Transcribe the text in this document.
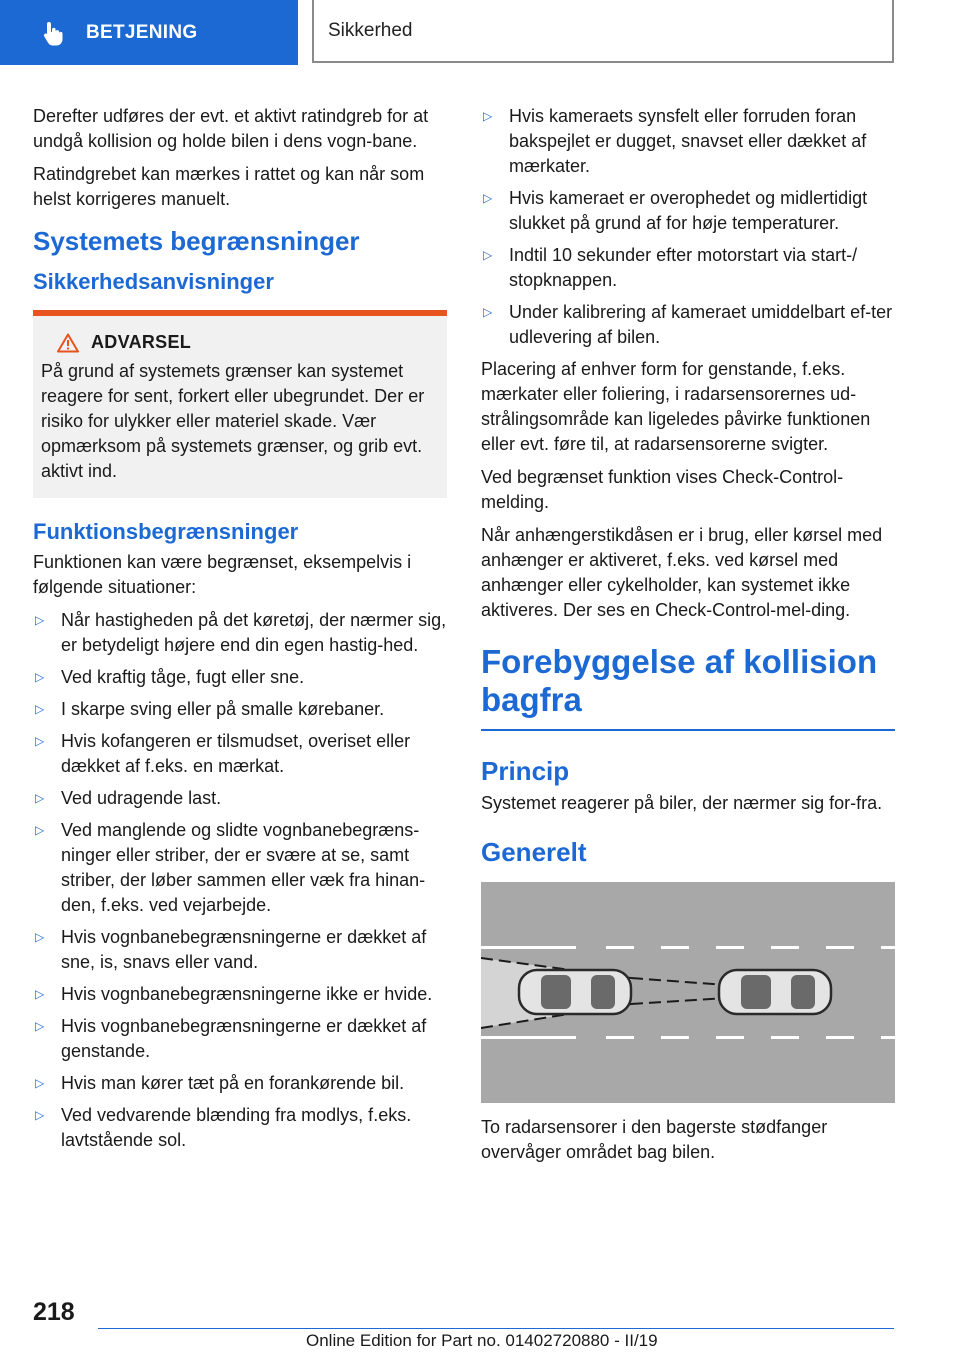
BETJENING	Sikkerhed

Derefter udføres der evt. et aktivt ratindgreb for at undgå kollision og holde bilen i dens vogn‐bane.

Ratindgrebet kan mærkes i rattet og kan når som helst korrigeres manuelt.

Systemets begrænsninger
Sikkerhedsanvisninger
ADVARSEL

På grund af systemets grænser kan systemet reagere for sent, forkert eller ubegrundet. Der er risiko for ulykker eller materiel skade. Vær opmærksom på systemets grænser, og grib evt. aktivt ind.

Funktionsbegrænsninger

Funktionen kan være begrænset, eksempelvis i følgende situationer:

▷ Når hastigheden på det køretøj, der nærmer sig, er betydeligt højere end din egen hastig‐hed.
▷ Ved kraftig tåge, fugt eller sne.
▷ I skarpe sving eller på smalle kørebaner.
▷ Hvis kofangeren er tilsmudset, overiset eller dækket af f.eks. en mærkat.
▷ Ved udragende last.
▷ Ved manglende og slidte vognbanebegræns‐ninger eller striber, der er svære at se, samt striber, der løber sammen eller væk fra hinan‐den, f.eks. ved vejarbejde.
▷ Hvis vognbanebegrænsningerne er dækket af sne, is, snavs eller vand.
▷ Hvis vognbanebegrænsningerne ikke er hvide.
▷ Hvis vognbanebegrænsningerne er dækket af genstande.
▷ Hvis man kører tæt på en forankørende bil.
▷ Ved vedvarende blænding fra modlys, f.eks. lavtstående sol.
▷ Hvis kameraets synsfelt eller forruden foran bakspejlet er dugget, snavset eller dækket af mærkater.
▷ Hvis kameraet er overophedet og midlertidigt slukket på grund af for høje temperaturer.
▷ Indtil 10 sekunder efter motorstart via start-/ stopknappen.
▷ Under kalibrering af kameraet umiddelbart ef‐ter udlevering af bilen.

Placering af enhver form for genstande, f.eks. mærkater eller foliering, i radarsensorernes ud‐strålingsområde kan ligeledes påvirke funktionen eller evt. føre til, at radarsensorerne svigter.

Ved begrænset funktion vises Check-Control-melding.

Når anhængerstikdåsen er i brug, eller kørsel med anhænger er aktiveret, f.eks. ved kørsel med anhænger eller cykelholder, kan systemet ikke aktiveres. Der ses en Check-Control-mel‐ding.

Forebyggelse af kollision bagfra
Princip

Systemet reagerer på biler, der nærmer sig for‐fra.

Generelt

To radarsensorer i den bagerste stødfanger overvåger området bag bilen.

218
Online Edition for Part no. 01402720880 - II/19
